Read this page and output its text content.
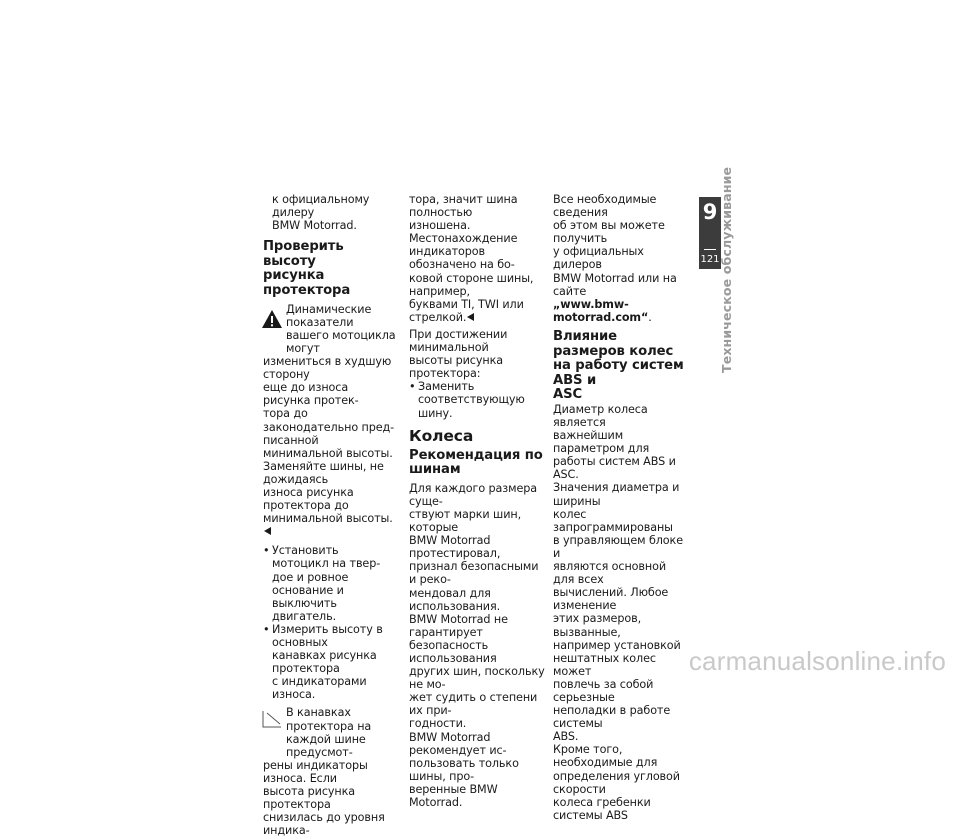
к официальному дилеру

BMW Motorrad.

Проверить высоту
рисунка протектора

Динамические показатели

вашего мотоцикла могут

измениться в худшую сторону

еще до износа рисунка протек-

тора до законодательно пред-

писанной минимальной высоты.

Заменяйте шины, не дожидаясь

износа рисунка протектора до

минимальной высоты.

• Установить мотоцикл на твер-
дое и ровное основание и
выключить двигатель.
• Измерить высоту в основных
канавках рисунка протектора
с индикаторами износа.

В канавках протектора на

каждой шине предусмот-

рены индикаторы износа. Если

высота рисунка протектора

снизилась до уровня индика-

тора, значит шина полностью

изношена. Местонахождение

индикаторов обозначено на бо-

ковой стороне шины, например,

буквами TI, TWI или стрелкой.

При достижении минимальной

высоты рисунка протектора:

• Заменить соответствующую
шину.

Колеса

Рекомендация по шинам

Для каждого размера суще-

ствуют марки шин, которые

BMW Motorrad протестировал,

признал безопасными и реко-

мендовал для использования.

BMW Motorrad не гарантирует

безопасность использования

других шин, поскольку не мо-

жет судить о степени их при-

годности.

BMW Motorrad рекомендует ис-

пользовать только шины, про-

веренные BMW Motorrad.

Все необходимые сведения

об этом вы можете получить

у официальных дилеров

BMW Motorrad или на сайте

„www.bmw-motorrad.com“.

Влияние размеров колес
на работу систем ABS и
ASC

Диаметр колеса является

важнейшим параметром для

работы систем ABS и ASC.

Значения диаметра и ширины

колес запрограммированы

в управляющем блоке и

являются основной для всех

вычислений. Любое изменение

этих размеров, вызванные,

например установкой

нештатных колес может

повлечь за собой серьезные

неполадки в работе системы

ABS.

Кроме того, необходимые для

определения угловой скорости

колеса гребенки системы ABS

9
121 Техническое обслуживание
carmanualsonline.info
